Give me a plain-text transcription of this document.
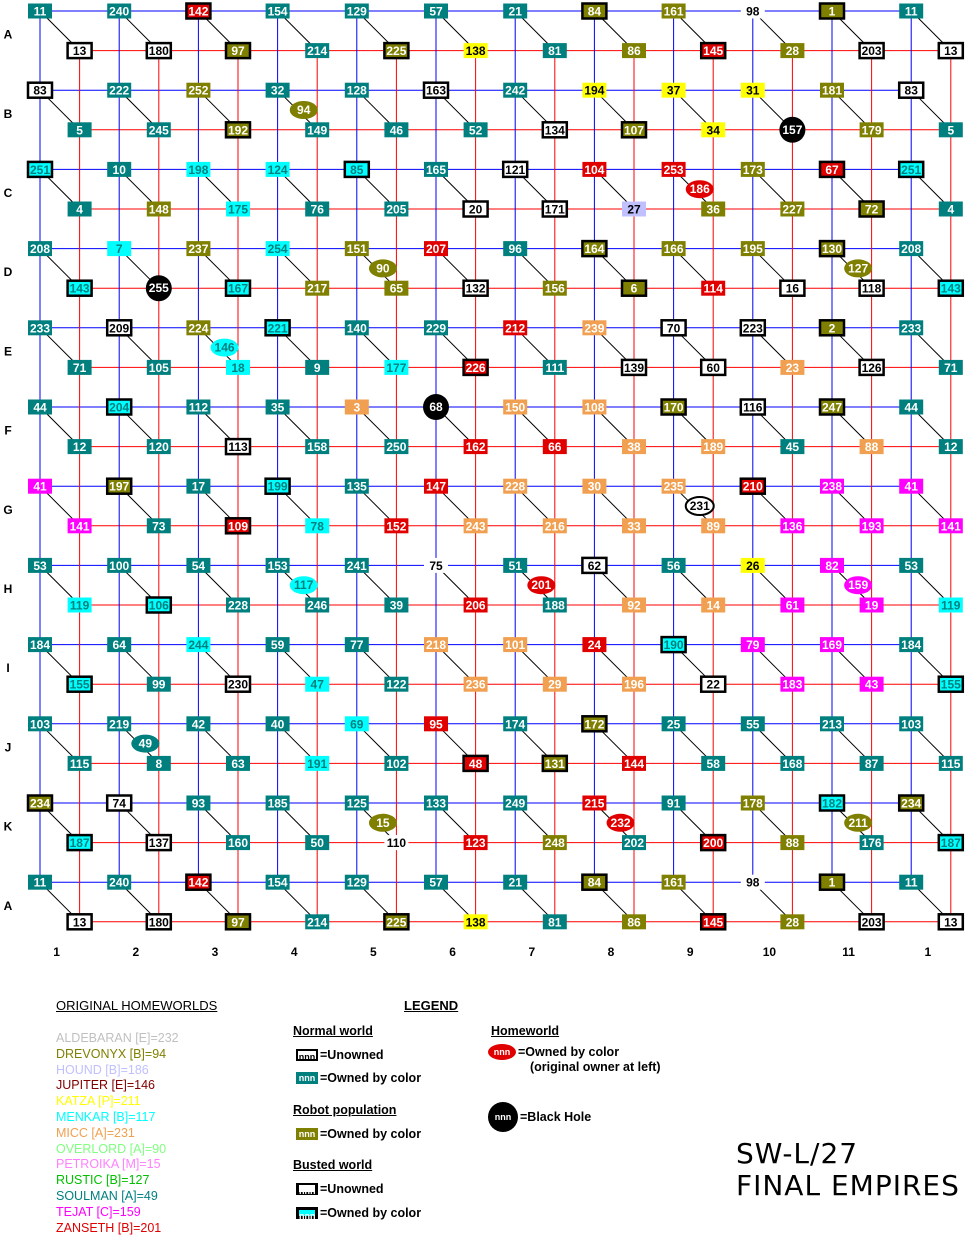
11
13
240
180
142
97
154
214
129
225
57
138
21
81
84
86
161
145
98
28
1
203
11
13
83
5
222
245
252
192
32
149
128
46
163
52
242
134
194
107
37
34
31
157
181
179
83
5
251
4
10
148
198
175
124
76
85
205
165
20
121
171
104
27
253
36
173
227
67
72
251
4
208
143
7
255
237
167
254
217
151
65
207
132
96
156
164
6
166
114
195
16
130
118
208
143
233
71
209
105
224
18
221
9
140
177
229
226
212
111
239
139
70
60
223
23
2
126
233
71
44
12
204
120
112
113
35
158
3
250
68
162
150
66
108
38
170
189
116
45
247
88
44
12
41
141
197
73
17
109
199
78
135
152
147
243
228
216
30
33
235
89
210
136
238
193
41
141
53
119
100
106
54
228
153
246
241
39
75
206
51
188
62
92
56
14
26
61
82
19
53
119
184
155
64
99
244
230
59
47
77
122
218
236
101
29
24
196
190
22
79
183
169
43
184
155
103
115
219
8
42
63
40
191
69
102
95
48
174
131
172
144
25
58
55
168
213
87
103
115
234
187
74
137
93
160
185
50
125
110
133
123
249
248
215
202
91
200
178
88
182
176
234
187
11
13
240
180
142
97
154
214
129
225
57
138
21
81
84
86
161
145
98
28
1
203
11
13
94
186
90	127
146
231
117	201	159
49
15	232	211
A
B
C
D
E
F
G
H
I
J
K
A
1	2	3	4	5	6	7	8	9	10	11	1
ORIGINAL HOMEWORLDS
ALDEBARAN [E]=232
DREVONYX [B]=94
HOUND [B]=186
JUPITER [E]=146
KATZA [P]=211
MENKAR [B]=117
MICC [A]=231
OVERLORD [A]=90
PETROIKA [M]=15
RUSTIC [B]=127
SOULMAN [A]=49
TEJAT [C]=159
ZANSETH [B]=201
LEGEND
Normal world
nnn =Unowned
nnn =Owned by color
Robot population
nnn =Owned by color
Busted world
nnn =Unowned
nnn =Owned by color
Homeworld
nnn =Owned by color
(original owner at left)
nnn =Black Hole
SW-L/27
FINAL EMPIRES
